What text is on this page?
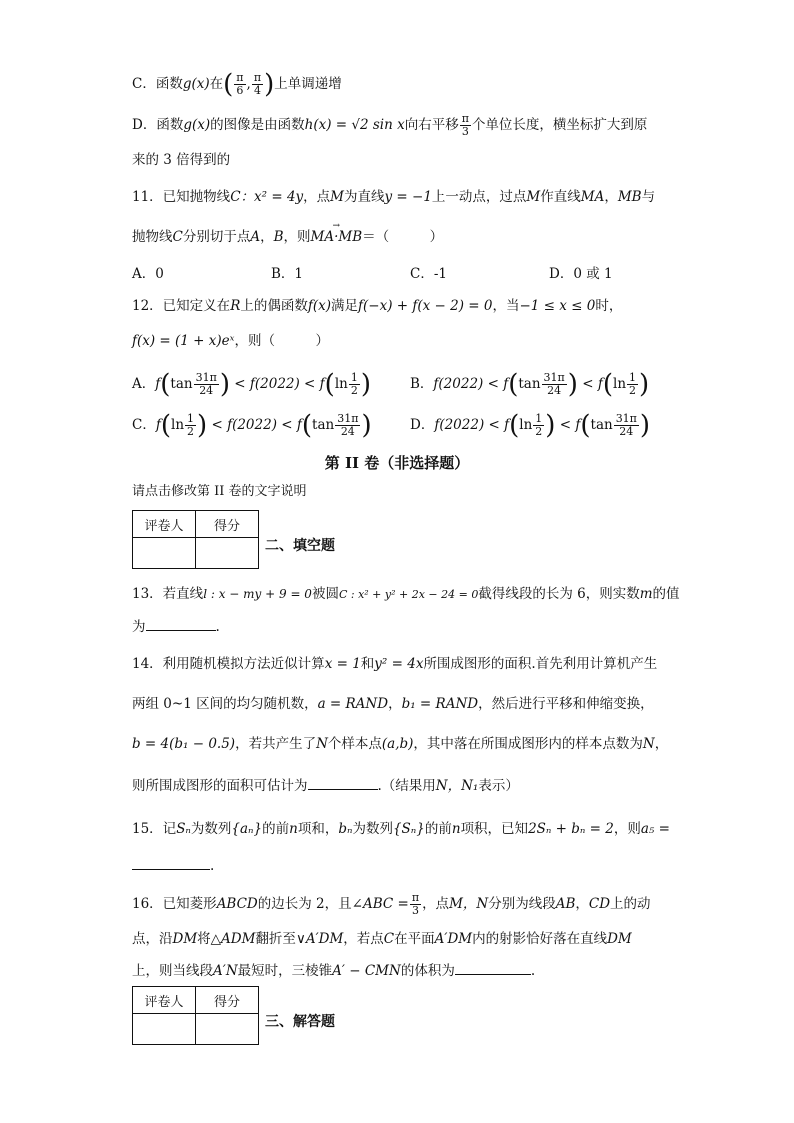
C．函数g(x)在( $\frac{\pi}{6}$ , $\frac{\pi}{4}$ )上单调递增
D．函数g(x)的图像是由函数h(x) = √2 sin x向右平移 $\frac{\pi}{3}$ 个单位长度，横坐标扩大到原
来的 3 倍得到的
11．已知抛物线C：x² = 4y，点M为直线y = −1上一动点，过点M作直线MA，MB与
抛物线C分别切于点A，B，则→ MA·MB＝（　　　）
A．0	B．1	C．-1	D．0 或 1
12．已知定义在R上的偶函数f(x)满足f(−x) + f(x − 2) = 0，当−1 ≤ x ≤ 0时，
f(x) = (1 + x)eˣ，则（　　　）
A．$f(\tan \frac{31\pi}{24}$ ) < $f(2022) < f(\ln \frac{1}{2}$ )	B．$f(2022) < f(\tan \frac{31\pi}{24}$ ) < $f(\ln \frac{1}{2}$ )
C．$f(\ln \frac{1}{2}$ ) < $f(2022) < f(\tan \frac{31\pi}{24}$ )	D．$f(2022) < f(\ln \frac{1}{2}$ ) < $f(\tan \frac{31\pi}{24}$ )
第 II 卷（非选择题）
请点击修改第 II 卷的文字说明
评卷人	得分

二、填空题
13．若直线l : x − my + 9 = 0被圆C : x² + y² + 2x − 24 = 0截得线段的长为 6，则实数m的值
为	.
14．利用随机模拟方法近似计算x = 1和y² = 4x所围成图形的面积.首先利用计算机产生
两组 0~1 区间的均匀随机数，a = RAND，b₁ = RAND，然后进行平移和伸缩变换，
b = 4(b₁ − 0.5)，若共产生了N个样本点(a,b)，其中落在所围成图形内的样本点数为N，
则所围成图形的面积可估计为	.（结果用N，N₁表示）
15．记Sₙ为数列{aₙ}的前n项和，bₙ为数列{Sₙ}的前n项积，已知2Sₙ + bₙ = 2，则a₅ =
.
16．已知菱形ABCD的边长为 2，且∠ABC = $\frac{\pi}{3}$ ，点M，N分别为线段AB，CD上的动
点，沿DM将△ADM翻折至∨A′DM，若点C在平面A′DM内的射影恰好落在直线DM
上，则当线段A′N最短时，三棱锥A′ − CMN的体积为	.
评卷人	得分

三、解答题
